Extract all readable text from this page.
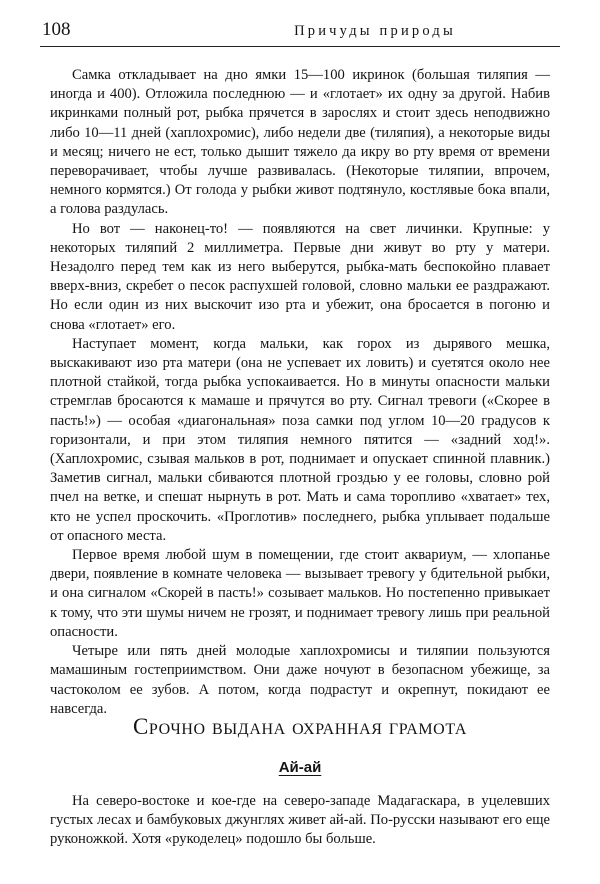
108	Причуды природы

Самка откладывает на дно ямки 15—100 икринок (большая тиляпия — иногда и 400). Отложила последнюю — и «глотает» их одну за другой. Набив икринками полный рот, рыбка прячется в зарослях и стоит здесь неподвижно либо 10—11 дней (хаплохромис), либо недели две (тиляпия), а некоторые виды и месяц; ничего не ест, только дышит тяжело да икру во рту время от времени переворачивает, чтобы лучше развивалась. (Некоторые тиляпии, впрочем, немного кормятся.) От голода у рыбки живот подтянуло, костлявые бока впали, а голова раздулась.

Но вот — наконец-то! — появляются на свет личинки. Крупные: у некоторых тиляпий 2 миллиметра. Первые дни живут во рту у матери. Незадолго перед тем как из него выберутся, рыбка-мать беспокойно плавает вверх-вниз, скребет о песок распухшей головой, словно мальки ее раздражают. Но если один из них выскочит изо рта и убежит, она бросается в погоню и снова «глотает» его.

Наступает момент, когда мальки, как горох из дырявого мешка, выскакивают изо рта матери (она не успевает их ловить) и суетятся около нее плотной стайкой, тогда рыбка успокаивается. Но в минуты опасности мальки стремглав бросаются к мамаше и прячутся во рту. Сигнал тревоги («Скорее в пасть!») — особая «диагональная» поза самки под углом 10—20 градусов к горизонтали, и при этом тиляпия немного пятится — «задний ход!». (Хаплохромис, сзывая мальков в рот, поднимает и опускает спинной плавник.) Заметив сигнал, мальки сбиваются плотной гроздью у ее головы, словно рой пчел на ветке, и спешат нырнуть в рот. Мать и сама торопливо «хватает» тех, кто не успел проскочить. «Проглотив» последнего, рыбка уплывает подальше от опасного места.

Первое время любой шум в помещении, где стоит аквариум, — хлопанье двери, появление в комнате человека — вызывает тревогу у бдительной рыбки, и она сигналом «Скорей в пасть!» созывает мальков. Но постепенно привыкает к тому, что эти шумы ничем не грозят, и поднимает тревогу лишь при реальной опасности.

Четыре или пять дней молодые хаплохромисы и тиляпии пользуются мамашиным гостеприимством. Они даже ночуют в безопасном убежище, за частоколом ее зубов. А потом, когда подрастут и окрепнут, покидают ее навсегда.

Срочно выдана охранная грамота
Ай-ай

На северо-востоке и кое-где на северо-западе Мадагаскара, в уцелевших густых лесах и бамбуковых джунглях живет ай-ай. По-русски называют его еще руконожкой. Хотя «рукоделец» подошло бы больше.
